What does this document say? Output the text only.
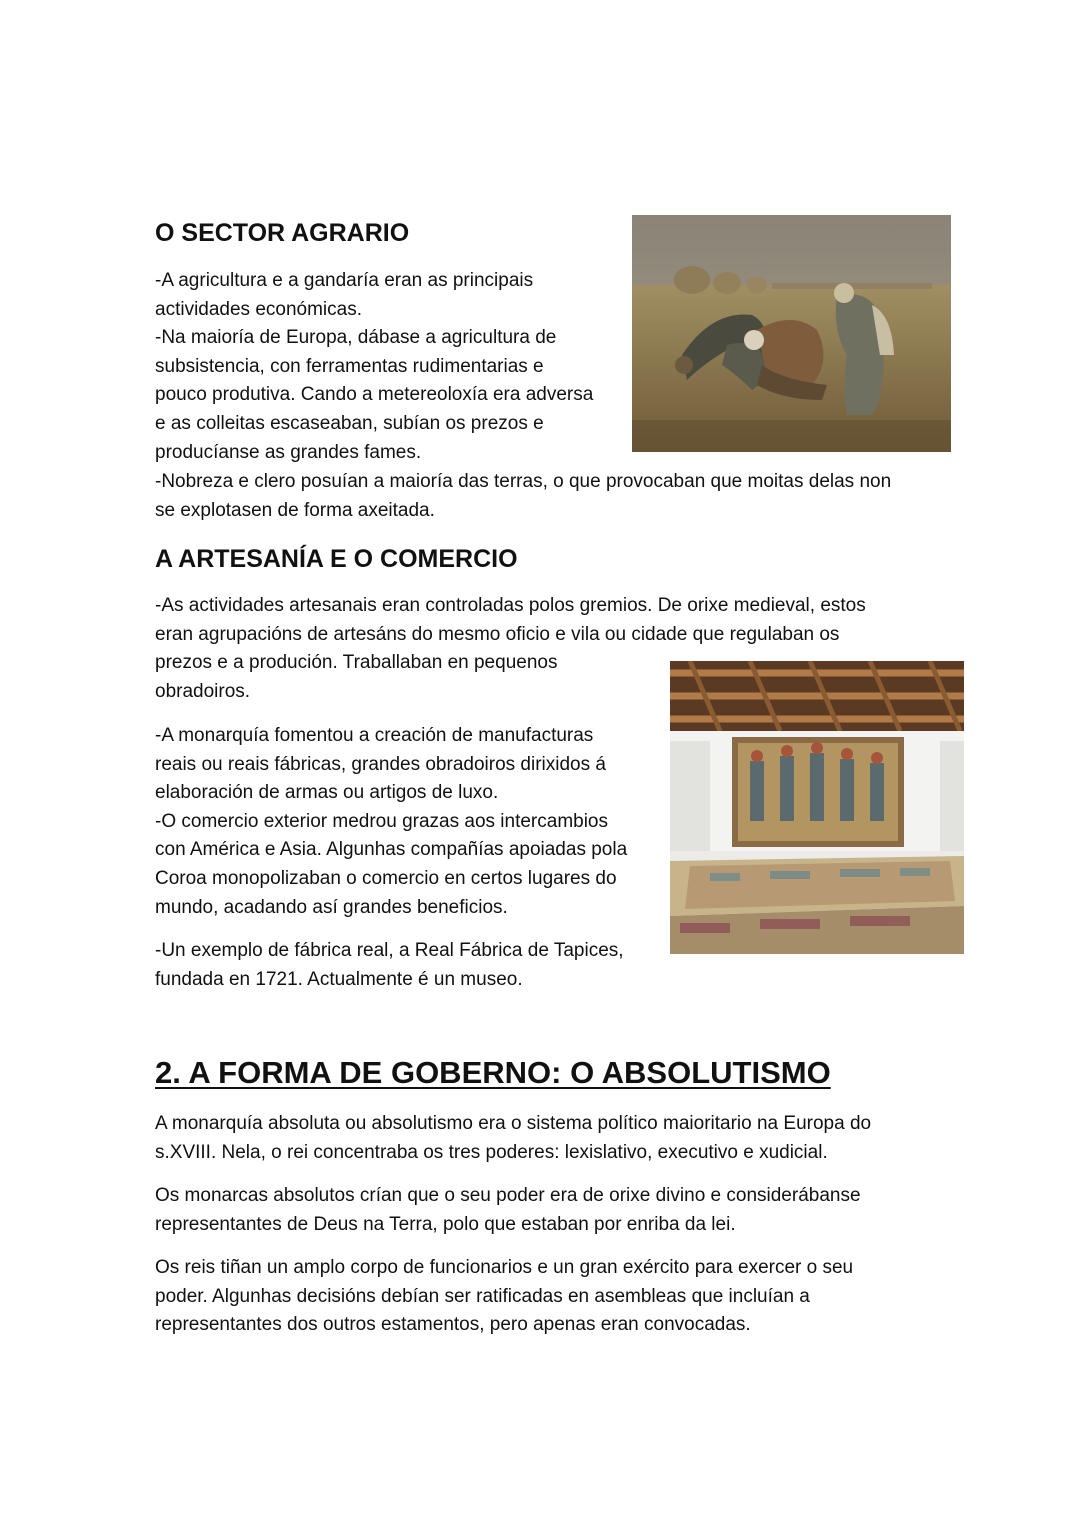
O SECTOR AGRARIO

-A agricultura e a gandaría eran as principais
actividades económicas.
-Na maioría de Europa, dábase a agricultura de
subsistencia, con ferramentas rudimentarias e
pouco produtiva. Cando a metereoloxía era adversa
e as colleitas escaseaban, subían os prezos e
producíanse as grandes fames.

-Nobreza e clero posuían a maioría das terras, o que provocaban que moitas delas non
se explotasen de forma axeitada.

A ARTESANÍA E O COMERCIO

-As actividades artesanais eran controladas polos gremios. De orixe medieval, estos
eran agrupacións de artesáns do mesmo oficio e vila ou cidade que regulaban os
prezos e a produción. Traballaban en pequenos
obradoiros.

-A monarquía fomentou a creación de manufacturas
reais ou reais fábricas, grandes obradoiros dirixidos á
elaboración de armas ou artigos de luxo.
-O comercio exterior medrou grazas aos intercambios
con América e Asia. Algunhas compañías apoiadas pola
Coroa monopolizaban o comercio en certos lugares do
mundo, acadando así grandes beneficios.

-Un exemplo de fábrica real, a Real Fábrica de Tapices,
fundada en 1721. Actualmente é un museo.

2. A FORMA DE GOBERNO: O ABSOLUTISMO

A monarquía absoluta ou absolutismo era o sistema político maioritario na Europa do
s.XVIII. Nela, o rei concentraba os tres poderes: lexislativo, executivo e xudicial.

Os monarcas absolutos crían que o seu poder era de orixe divino e considerábanse
representantes de Deus na Terra, polo que estaban por enriba da lei.

Os reis tiñan un amplo corpo de funcionarios e un gran exército para exercer o seu
poder. Algunhas decisións debían ser ratificadas en asembleas que incluían a
representantes dos outros estamentos, pero apenas eran convocadas.
